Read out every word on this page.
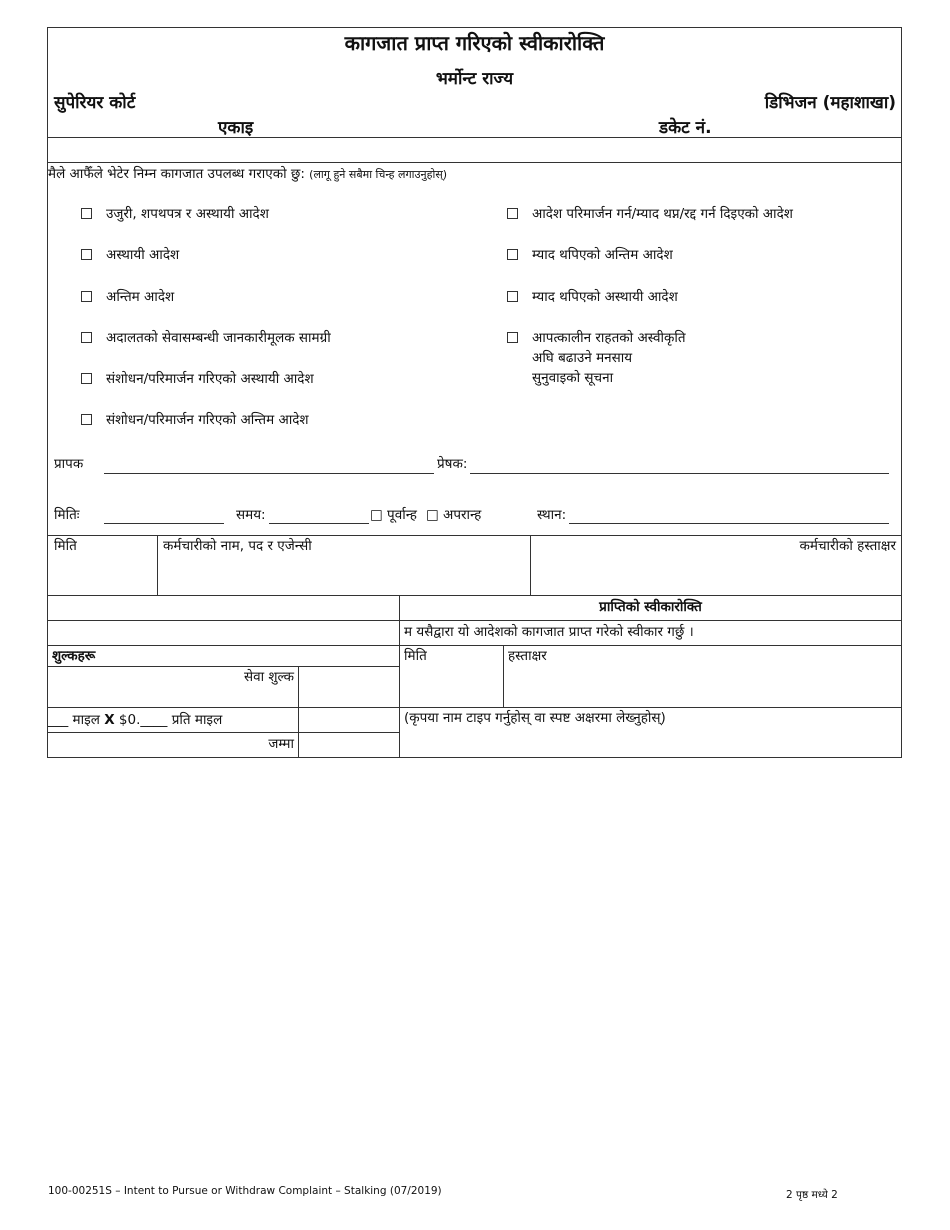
कागजात प्राप्त गरिएको स्वीकारोक्ति
भर्मोन्ट राज्य
सुपेरियर कोर्ट	डिभिजन (महाशाखा)
एकाइ	डकेट नं.
मैले आफैँले भेटेर निम्न कागजात उपलब्ध गराएको छु: (लागू हुने सबैमा चिन्ह लगाउनुहोस्)
उजुरी, शपथपत्र र अस्थायी आदेश
अस्थायी आदेश
अन्तिम आदेश
अदालतको सेवासम्बन्धी जानकारीमूलक सामग्री
संशोधन/परिमार्जन गरिएको अस्थायी आदेश
संशोधन/परिमार्जन गरिएको अन्तिम आदेश
आदेश परिमार्जन गर्न/म्याद थप्न/रद्द गर्न दिइएको आदेश
म्याद थपिएको अन्तिम आदेश
म्याद थपिएको अस्थायी आदेश
आपत्कालीन राहतको अस्वीकृति
अघि बढाउने मनसाय
सुनुवाइको सूचना
प्रापक	प्रेषक:
मितिः	समय:	□ पूर्वान्ह □ अपरान्ह	स्थान:
मिति	कर्मचारीको नाम, पद र एजेन्सी	कर्मचारीको हस्ताक्षर
प्राप्तिको स्वीकारोक्ति
म यसैद्वारा यो आदेशको कागजात प्राप्त गरेको स्वीकार गर्छु ।
मिति	हस्ताक्षर
(कृपया नाम टाइप गर्नुहोस् वा स्पष्ट अक्षरमा लेख्नुहोस्)
शुल्कहरू
सेवा शुल्क
___ माइल X $0.____ प्रति माइल
जम्मा
100-00251S – Intent to Pursue or Withdraw Complaint – Stalking (07/2019)	2 पृष्ठ मध्ये 2
